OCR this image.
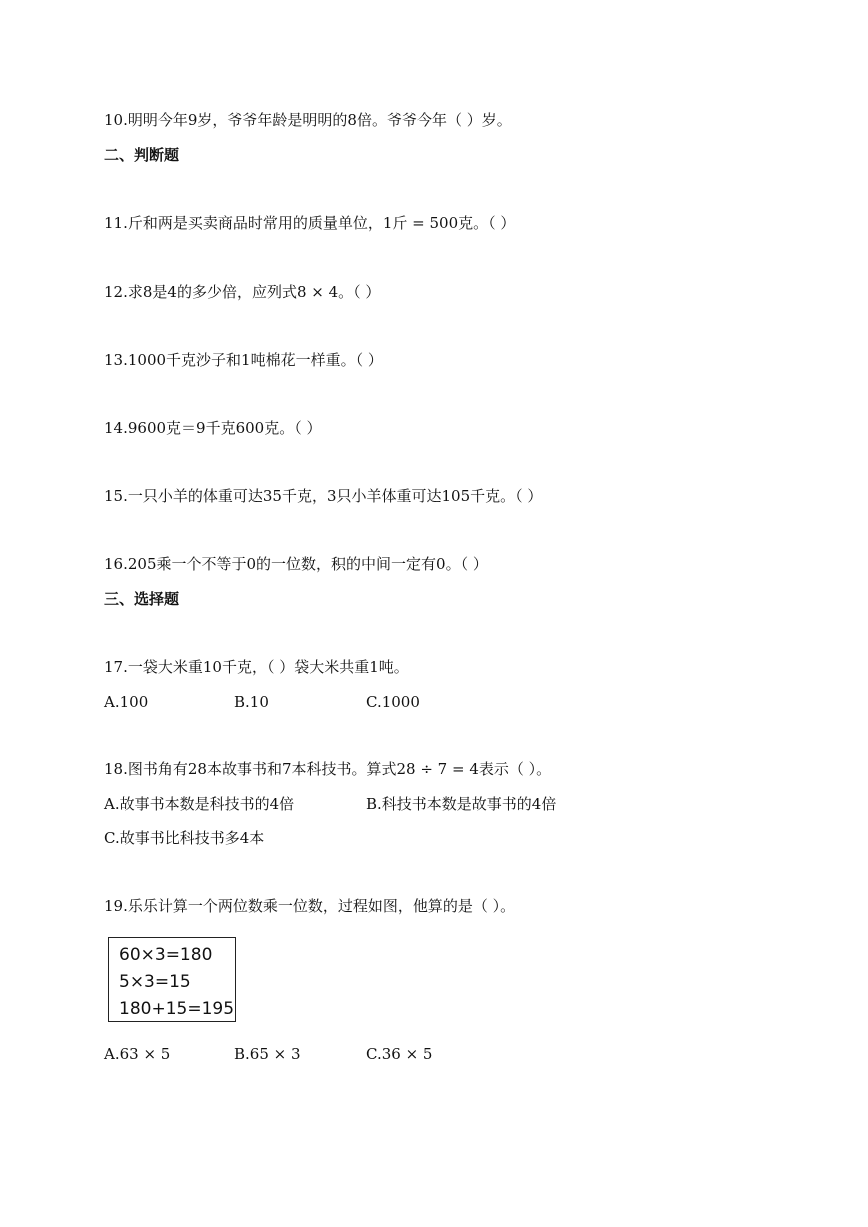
10.明明今年9岁，爷爷年龄是明明的8倍。爷爷今年（ ）岁。
二、判断题
11.斤和两是买卖商品时常用的质量单位，1斤 = 500克。（ ）
12.求8是4的多少倍，应列式8 × 4。（ ）
13.1000千克沙子和1吨棉花一样重。（ ）
14.9600克＝9千克600克。（ ）
15.一只小羊的体重可达35千克，3只小羊体重可达105千克。（ ）
16.205乘一个不等于0的一位数，积的中间一定有0。（ ）
三、选择题
17.一袋大米重10千克，（ ）袋大米共重1吨。
A.100	B.10	C.1000
18.图书角有28本故事书和7本科技书。算式28 ÷ 7 = 4表示（ ）。
A.故事书本数是科技书的4倍	B.科技书本数是故事书的4倍
C.故事书比科技书多4本
19.乐乐计算一个两位数乘一位数，过程如图，他算的是（ ）。
60×3=180
5×3=15
180+15=195
A.63 × 5	B.65 × 3	C.36 × 5
